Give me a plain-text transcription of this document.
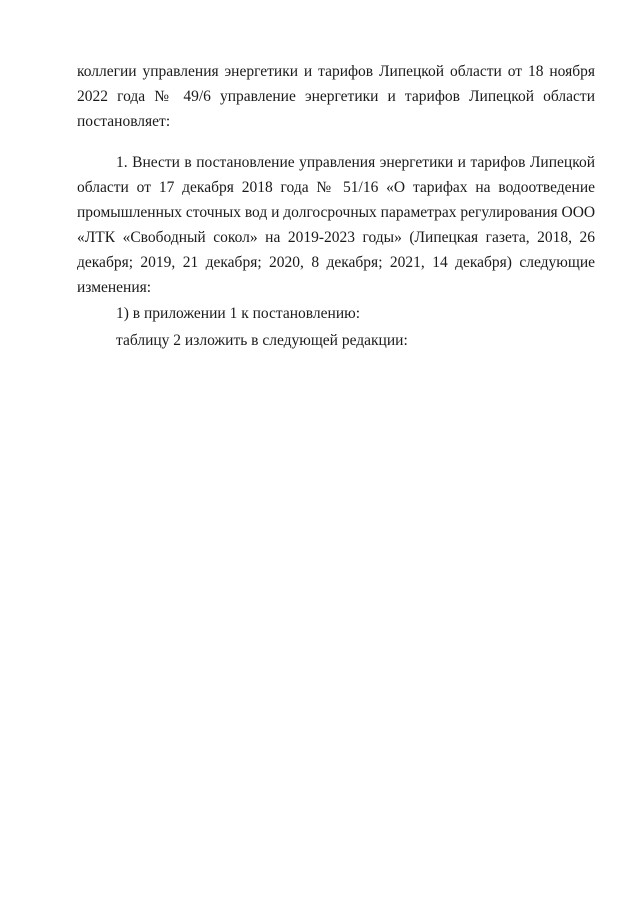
коллегии управления энергетики и тарифов Липецкой области от 18 ноября
2022 года № 49/6 управление энергетики и тарифов Липецкой области
постановляет:
1. Внести в постановление управления энергетики и тарифов Липецкой
области от 17 декабря 2018 года № 51/16 «О тарифах на водоотведение
промышленных сточных вод и долгосрочных параметрах регулирования ООО
«ЛТК «Свободный сокол» на 2019-2023 годы» (Липецкая газета, 2018, 26
декабря; 2019, 21 декабря; 2020, 8 декабря; 2021, 14 декабря) следующие
изменения:
1) в приложении 1 к постановлению:
таблицу 2 изложить в следующей редакции:
